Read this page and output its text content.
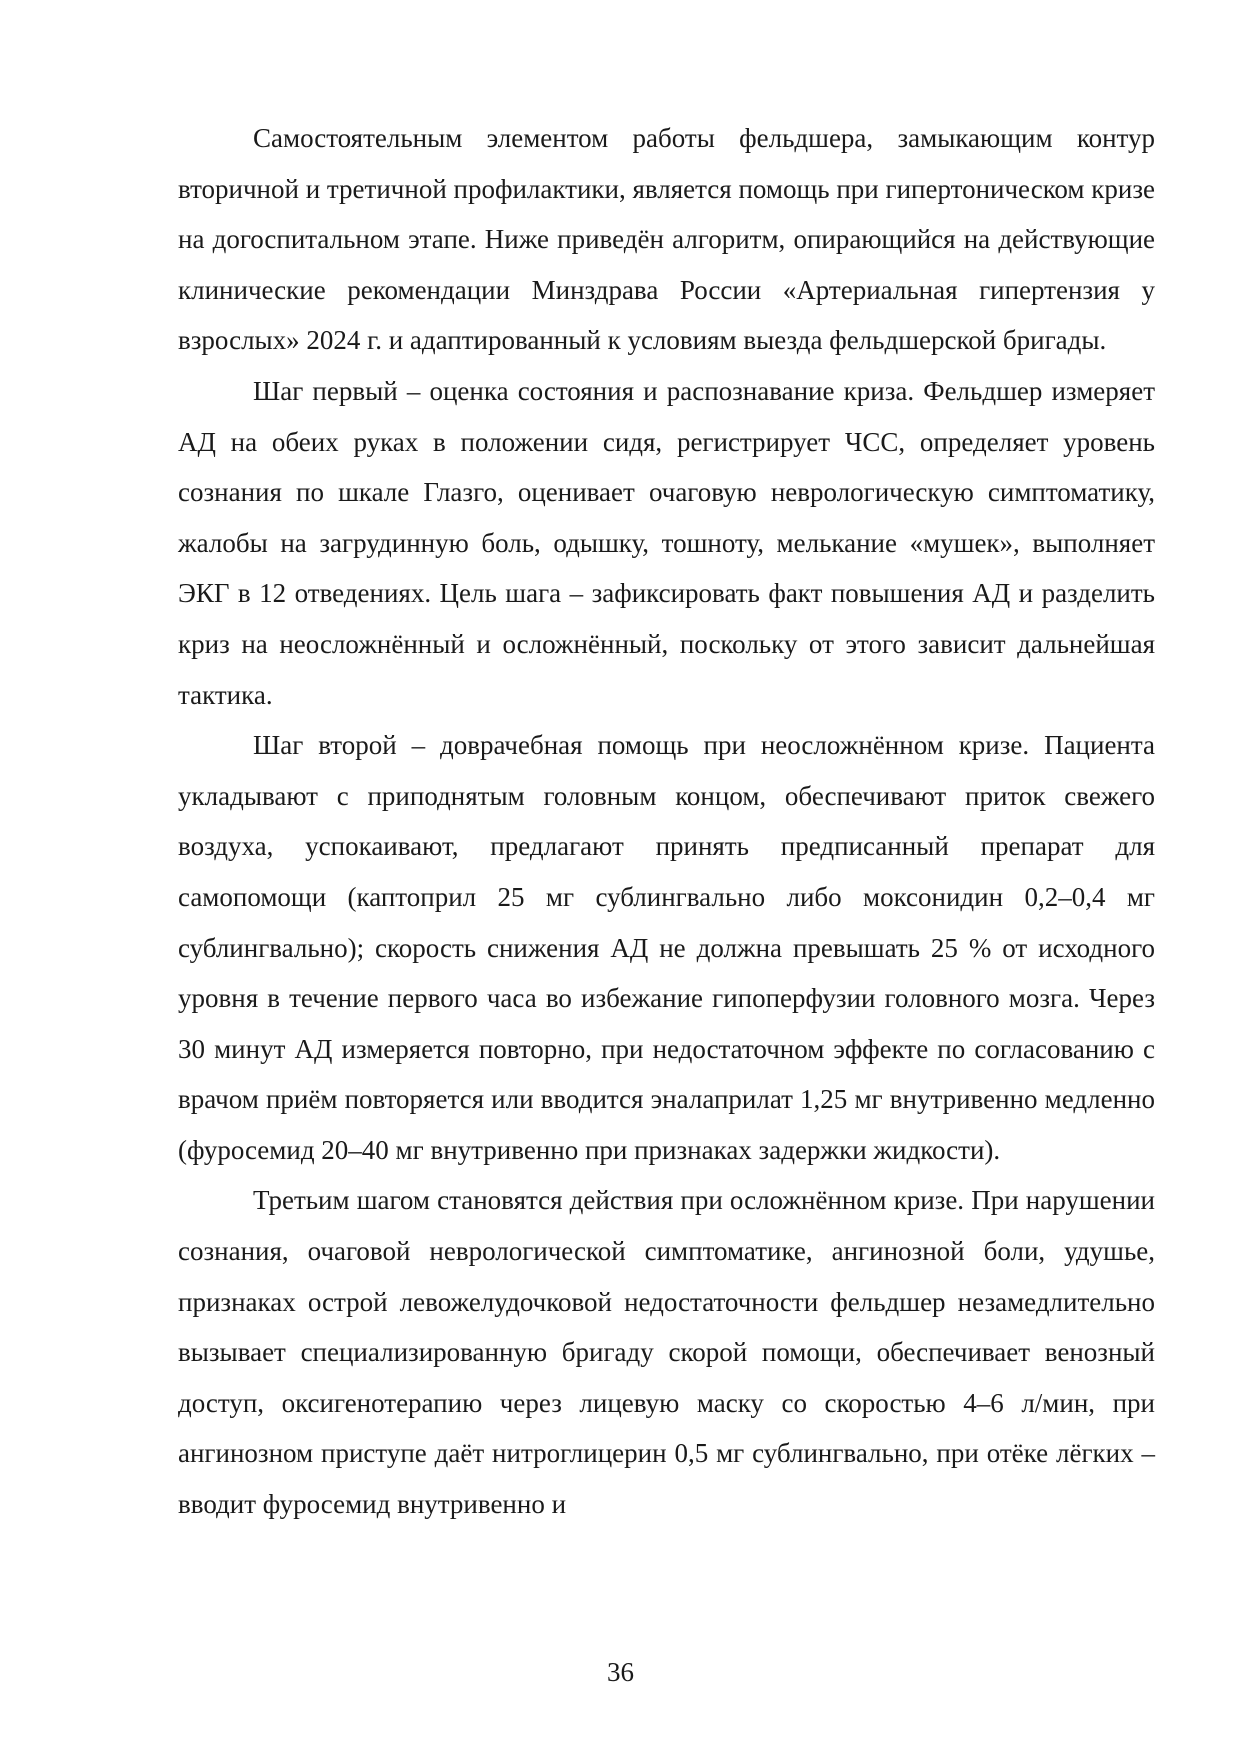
Самостоятельным элементом работы фельдшера, замыкающим контур вторичной и третичной профилактики, является помощь при гипертоническом кризе на догоспитальном этапе. Ниже приведён алгоритм, опирающийся на действующие клинические рекомендации Минздрава России «Артериальная гипертензия у взрослых» 2024 г. и адаптированный к условиям выезда фельдшерской бригады.

Шаг первый – оценка состояния и распознавание криза. Фельдшер измеряет АД на обеих руках в положении сидя, регистрирует ЧСС, определяет уровень сознания по шкале Глазго, оценивает очаговую неврологическую симптоматику, жалобы на загрудинную боль, одышку, тошноту, мелькание «мушек», выполняет ЭКГ в 12 отведениях. Цель шага – зафиксировать факт повышения АД и разделить криз на неосложнённый и осложнённый, поскольку от этого зависит дальнейшая тактика.

Шаг второй – доврачебная помощь при неосложнённом кризе. Пациента укладывают с приподнятым головным концом, обеспечивают приток свежего воздуха, успокаивают, предлагают принять предписанный препарат для самопомощи (каптоприл 25 мг сублингвально либо моксонидин 0,2–0,4 мг сублингвально); скорость снижения АД не должна превышать 25 % от исходного уровня в течение первого часа во избежание гипоперфузии головного мозга. Через 30 минут АД измеряется повторно, при недостаточном эффекте по согласованию с врачом приём повторяется или вводится эналаприлат 1,25 мг внутривенно медленно (фуросемид 20–40 мг внутривенно при признаках задержки жидкости).

Третьим шагом становятся действия при осложнённом кризе. При нарушении сознания, очаговой неврологической симптоматике, ангинозной боли, удушье, признаках острой левожелудочковой недостаточности фельдшер незамедлительно вызывает специализированную бригаду скорой помощи, обеспечивает венозный доступ, оксигенотерапию через лицевую маску со скоростью 4–6 л/мин, при ангинозном приступе даёт нитроглицерин 0,5 мг сублингвально, при отёке лёгких – вводит фуросемид внутривенно и

36
